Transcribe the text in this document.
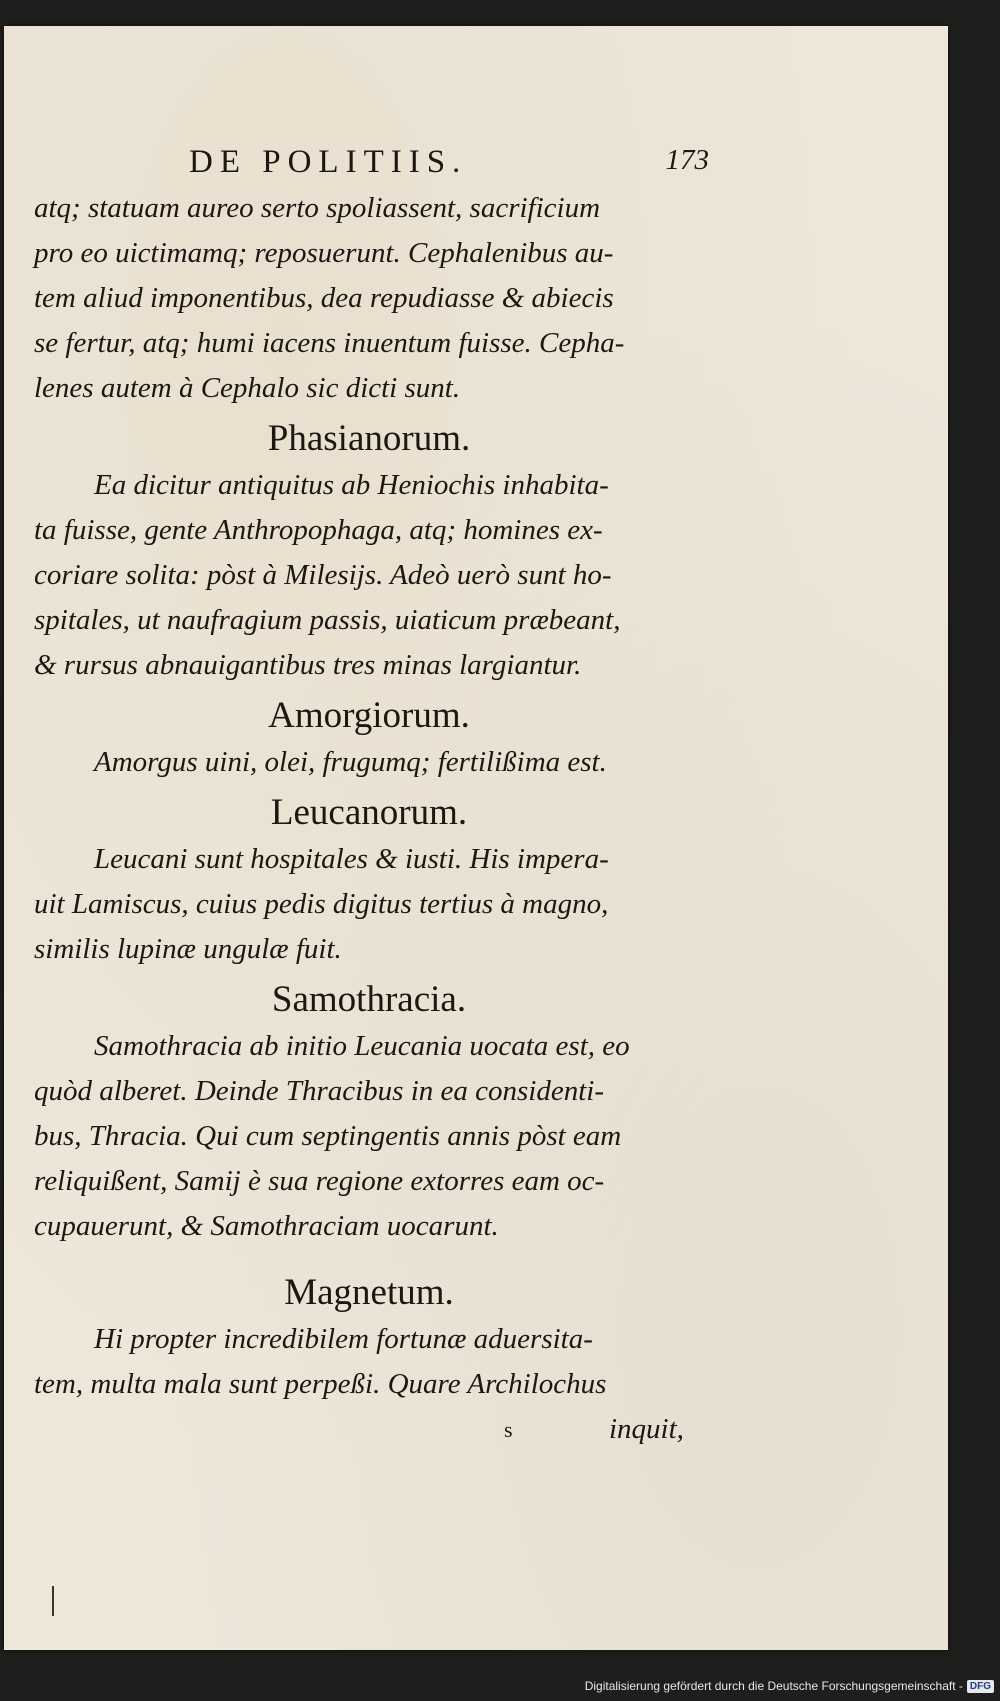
DE POLITIIS.	173
atq; statuam aureo serto spoliassent, sacrificium
pro eo uictimamq; reposuerunt. Cephalenibus au-
tem aliud imponentibus, dea repudiasse & abiecis
se fertur, atq; humi iacens inuentum fuisse. Cepha-
lenes autem à Cephalo sic dicti sunt.
Phasianorum.
Ea dicitur antiquitus ab Heniochis inhabita-
ta fuisse, gente Anthropophaga, atq; homines ex-
coriare solita: pòst à Milesijs. Adeò uerò sunt ho-
spitales, ut naufragium passis, uiaticum præbeant,
& rursus abnauigantibus tres minas largiantur.
Amorgiorum.
Amorgus uini, olei, frugumq; fertilißima est.
Leucanorum.
Leucani sunt hospitales & iusti. His impera-
uit Lamiscus, cuius pedis digitus tertius à magno,
similis lupinæ ungulæ fuit.
Samothracia.
Samothracia ab initio Leucania uocata est, eo
quòd alberet. Deinde Thracibus in ea considenti-
bus, Thracia. Qui cum septingentis annis pòst eam
reliquißent, Samij è sua regione extorres eam oc-
cupauerunt, & Samothraciam uocarunt.
Magnetum.
Hi propter incredibilem fortunæ aduersita-
tem, multa mala sunt perpeßi. Quare Archilochus
s	inquit,
Digitalisierung gefördert durch die Deutsche Forschungsgemeinschaft - DFG
